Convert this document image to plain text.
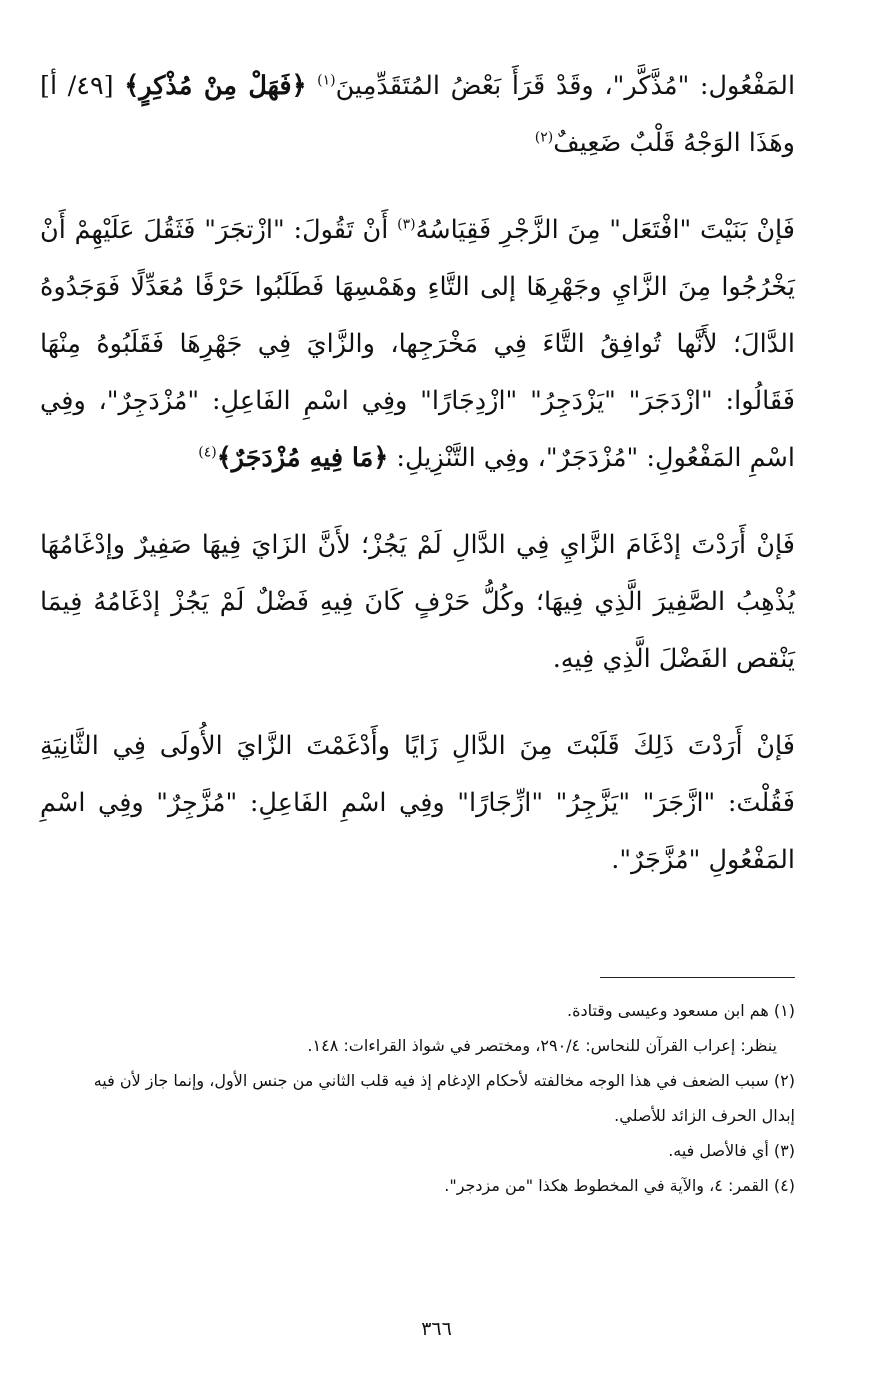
المَفْعُول: "مُذَّكَّر"، وقَدْ قَرَأَ بَعْضُ المُتَقَدِّمِينَ$^{(١)}$ ﴿فَهَلْ مِنْ مُذْكِرٍ﴾ [٤٩/ أ] وهَذَا الوَجْهُ قَلْبٌ ضَعِيفٌ$^{(٢)}$

فَإنْ بَنَيْتَ "افْتَعَل" مِنَ الزَّجْرِ فَقِيَاسُهُ$^{(٣)}$ أَنْ تَقُولَ: "ازْتجَرَ" فَثَقُلَ عَلَيْهِمْ أَنْ يَخْرُجُوا مِنَ الزَّايِ وجَهْرِهَا إلى التَّاءِ وهَمْسِهَا فَطَلَبُوا حَرْفًا مُعَدِّلًا فَوَجَدُوهُ الدَّالَ؛ لأَنَّها تُوافِقُ التَّاءَ فِي مَخْرَجِها، والزَّايَ فِي جَهْرِهَا فَقَلَبُوهُ مِنْهَا فَقَالُوا: "ازْدَجَرَ" "يَزْدَجِرُ" "ازْدِجَارًا" وفِي اسْمِ الفَاعِلِ: "مُزْدَجِرٌ"، وفِي اسْمِ المَفْعُولِ: "مُزْدَجَرٌ"، وفِي التَّنْزِيلِ: ﴿مَا فِيهِ مُزْدَجَرٌ﴾$^{(٤)}$

فَإنْ أَرَدْتَ إدْغَامَ الزَّايِ فِي الدَّالِ لَمْ يَجُزْ؛ لأَنَّ الزَايَ فِيهَا صَفِيرٌ وإدْغَامُهَا يُذْهِبُ الصَّفِيرَ الَّذِي فِيهَا؛ وكُلُّ حَرْفٍ كَانَ فِيهِ فَضْلٌ لَمْ يَجُزْ إدْغَامُهُ فِيمَا يَنْقص الفَضْلَ الَّذِي فِيهِ.

فَإنْ أَرَدْتَ ذَلِكَ قَلَبْتَ مِنَ الدَّالِ زَايًا وأَدْغَمْتَ الزَّايَ الأُولَى فِي الثَّانِيَةِ فَقُلْتَ: "ازَّجَرَ" "يَزَّجِرُ" "ازِّجَارًا" وفِي اسْمِ الفَاعِلِ: "مُزَّجِرٌ" وفِي اسْمِ المَفْعُولِ "مُزَّجَرٌ".

(١) هم ابن مسعود وعيسى وقتادة.

ينظر: إعراب القرآن للنحاس: ٢٩٠/٤، ومختصر في شواذ القراءات: ١٤٨.

(٢) سبب الضعف في هذا الوجه مخالفته لأحكام الإدغام إذ فيه قلب الثاني من جنس الأول، وإنما جاز لأن فيه إبدال الحرف الزائد للأصلي.

(٣) أي فالأصل فيه.

(٤) القمر: ٤، والآية في المخطوط هكذا "من مزدجر".

٣٦٦
